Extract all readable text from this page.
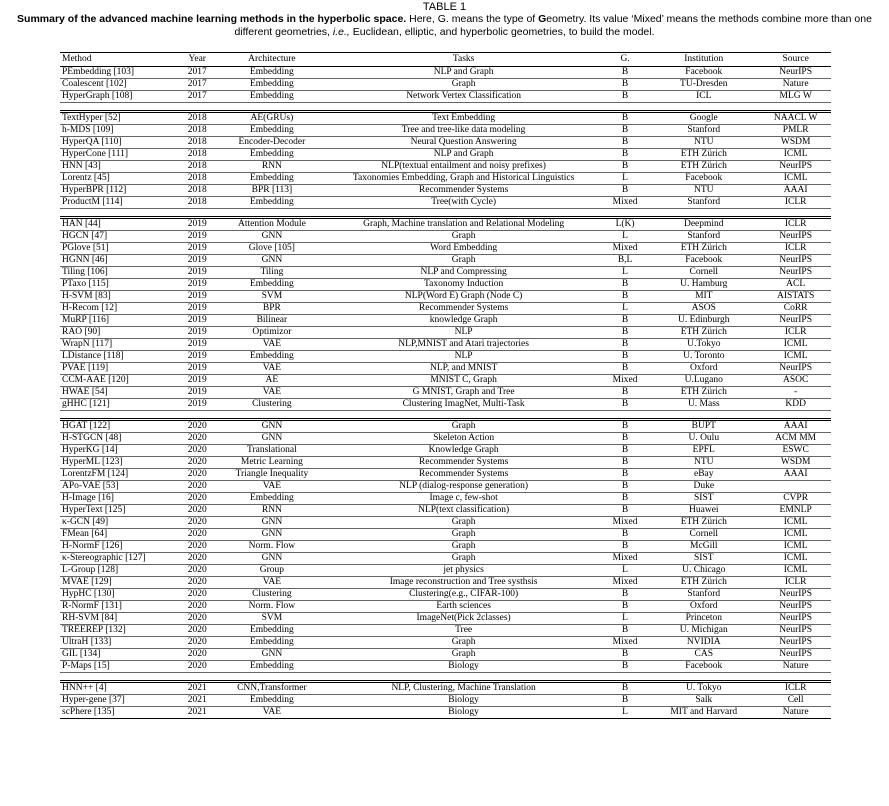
TABLE 1
Summary of the advanced machine learning methods in the hyperbolic space. Here, G. means the type of Geometry. Its value ‘Mixed’ means the methods combine more than one different geometries, i.e., Euclidean, elliptic, and hyperbolic geometries, to build the model.
Method	Year	Architecture	Tasks	G.	Institution	Source
PEmbedding [103]	2017	Embedding	NLP and Graph	B	Facebook	NeurIPS
Coalescent [102]	2017	Embedding	Graph	B	TU-Dresden	Nature
HyperGraph [108]	2017	Embedding	Network Vertex Classification	B	ICL	MLG W

TextHyper [52]	2018	AE(GRUs)	Text Embedding	B	Google	NAACL W
h-MDS [109]	2018	Embedding	Tree and tree-like data modeling	B	Stanford	PMLR
HyperQA [110]	2018	Encoder-Decoder	Neural Question Answering	B	NTU	WSDM
HyperCone [111]	2018	Embedding	NLP and Graph	B	ETH Zürich	ICML
HNN [43]	2018	RNN	NLP(textual entailment and noisy prefixes)	B	ETH Zürich	NeurIPS
Lorentz [45]	2018	Embedding	Taxonomies Embedding, Graph and Historical Linguistics	L	Facebook	ICML
HyperBPR [112]	2018	BPR [113]	Recommender Systems	B	NTU	AAAI
ProductM [114]	2018	Embedding	Tree(with Cycle)	Mixed	Stanford	ICLR

HAN [44]	2019	Attention Module	Graph, Machine translation and Relational Modeling	L(K)	Deepmind	ICLR
HGCN [47]	2019	GNN	Graph	L	Stanford	NeurIPS
PGlove [51]	2019	Glove [105]	Word Embedding	Mixed	ETH Zürich	ICLR
HGNN [46]	2019	GNN	Graph	B,L	Facebook	NeurIPS
Tiling [106]	2019	Tiling	NLP and Compressing	L	Cornell	NeurIPS
PTaxo [115]	2019	Embedding	Taxonomy Induction	B	U. Hamburg	ACL
H-SVM [83]	2019	SVM	NLP(Word E) Graph (Node C)	B	MIT	AISTATS
H-Recom [12]	2019	BPR	Recommender Systems	L	ASOS	CoRR
MuRP [116]	2019	Bilinear	knowledge Graph	B	U. Edinburgh	NeurIPS
RAO [90]	2019	Optimizor	NLP	B	ETH Zürich	ICLR
WrapN [117]	2019	VAE	NLP,MNIST and Atari trajectories	B	U.Tokyo	ICML
LDistance [118]	2019	Embedding	NLP	B	U. Toronto	ICML
PVAE [119]	2019	VAE	NLP, and MNIST	B	Oxford	NeurIPS
CCM-AAE [120]	2019	AE	MNIST C, Graph	Mixed	U.Lugano	ASOC
HWAE [54]	2019	VAE	G MNIST, Graph and Tree	B	ETH Zürich	-
gHHC [121]	2019	Clustering	Clustering ImagNet, Multi-Task	B	U. Mass	KDD

HGAT [122]	2020	GNN	Graph	B	BUPT	AAAI
H-STGCN [48]	2020	GNN	Skeleton Action	B	U. Oulu	ACM MM
HyperKG [14]	2020	Translational	Knowledge Graph	B	EPFL	ESWC
HyperML [123]	2020	Metric Learning	Recommender Systems	B	NTU	WSDM
LorentzFM [124]	2020	Triangle Inequality	Recommender Systems	B	eBay	AAAI
APo-VAE [53]	2020	VAE	NLP (dialog-response generation)	B	Duke	
H-Image [16]	2020	Embedding	Image c, few-shot	B	SIST	CVPR
HyperText [125]	2020	RNN	NLP(text classification)	B	Huawei	EMNLP
κ-GCN [49]	2020	GNN	Graph	Mixed	ETH Zürich	ICML
FMean [64]	2020	GNN	Graph	B	Cornell	ICML
H-NormF [126]	2020	Norm. Flow	Graph	B	McGill	ICML
κ-Stereographic [127]	2020	GNN	Graph	Mixed	SIST	ICML
L-Group [128]	2020	Group	jet physics	L	U. Chicago	ICML
MVAE [129]	2020	VAE	Image reconstruction and Tree systhsis	Mixed	ETH Zürich	ICLR
HypHC [130]	2020	Clustering	Clustering(e.g., CIFAR-100)	B	Stanford	NeurIPS
R-NormF [131]	2020	Norm. Flow	Earth sciences	B	Oxford	NeurIPS
RH-SVM [84]	2020	SVM	ImageNet(Pick 2classes)	L	Princeton	NeurIPS
TREEREP [132]	2020	Embedding	Tree	B	U. Michigan	NeurIPS
UltraH [133]	2020	Embedding	Graph	Mixed	NVIDIA	NeurIPS
GIL [134]	2020	GNN	Graph	B	CAS	NeurIPS
P-Maps [15]	2020	Embedding	Biology	B	Facebook	Nature

HNN++ [4]	2021	CNN,Transformer	NLP, Clustering, Machine Translation	B	U. Tokyo	ICLR
Hyper-gene [37]	2021	Embedding	Biology	B	Salk	Cell
scPhere [135]	2021	VAE	Biology	L	MIT and Harvard	Nature
